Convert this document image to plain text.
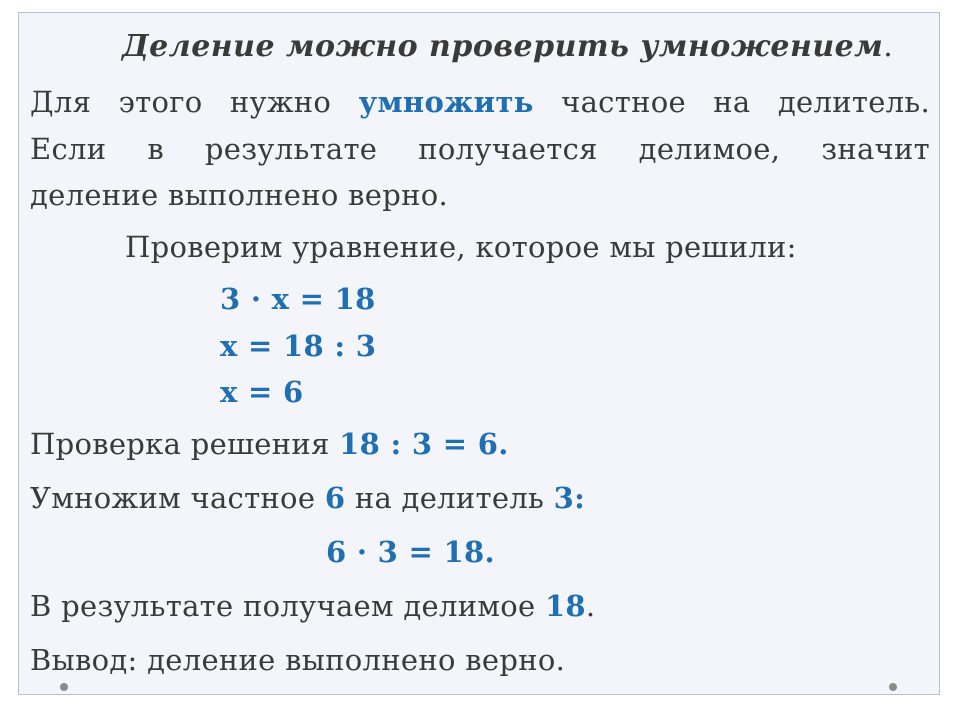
Деление можно проверить умножением.
Для этого нужно умножить частное на делитель.
Если в результате получается делимое, значит
деление выполнено верно.
Проверим уравнение, которое мы решили:
3 · x = 18
x = 18 : 3
x = 6
Проверка решения 18 : 3 = 6.
Умножим частное 6 на делитель 3:
6 · 3 = 18.
В результате получаем делимое 18.
Вывод: деление выполнено верно.
